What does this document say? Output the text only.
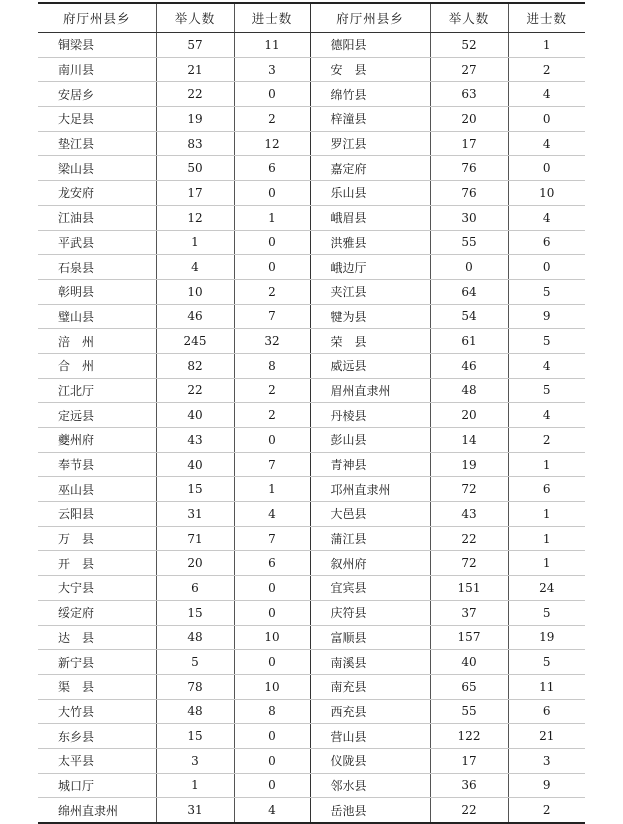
府厅州县乡	举人数	进士数	府厅州县乡	举人数	进士数
铜梁县	57	11	德阳县	52	1
南川县	21	3	安　县	27	2
安居乡	22	0	绵竹县	63	4
大足县	19	2	梓潼县	20	0
垫江县	83	12	罗江县	17	4
梁山县	50	6	嘉定府	76	0
龙安府	17	0	乐山县	76	10
江油县	12	1	峨眉县	30	4
平武县	1	0	洪雅县	55	6
石泉县	4	0	峨边厅	0	0
彰明县	10	2	夹江县	64	5
璧山县	46	7	犍为县	54	9
涪　州	245	32	荣　县	61	5
合　州	82	8	威远县	46	4
江北厅	22	2	眉州直隶州	48	5
定远县	40	2	丹棱县	20	4
夔州府	43	0	彭山县	14	2
奉节县	40	7	青神县	19	1
巫山县	15	1	邛州直隶州	72	6
云阳县	31	4	大邑县	43	1
万　县	71	7	蒲江县	22	1
开　县	20	6	叙州府	72	1
大宁县	6	0	宜宾县	151	24
绥定府	15	0	庆符县	37	5
达　县	48	10	富顺县	157	19
新宁县	5	0	南溪县	40	5
渠　县	78	10	南充县	65	11
大竹县	48	8	西充县	55	6
东乡县	15	0	营山县	122	21
太平县	3	0	仪陇县	17	3
城口厅	1	0	邻水县	36	9
绵州直隶州	31	4	岳池县	22	2
